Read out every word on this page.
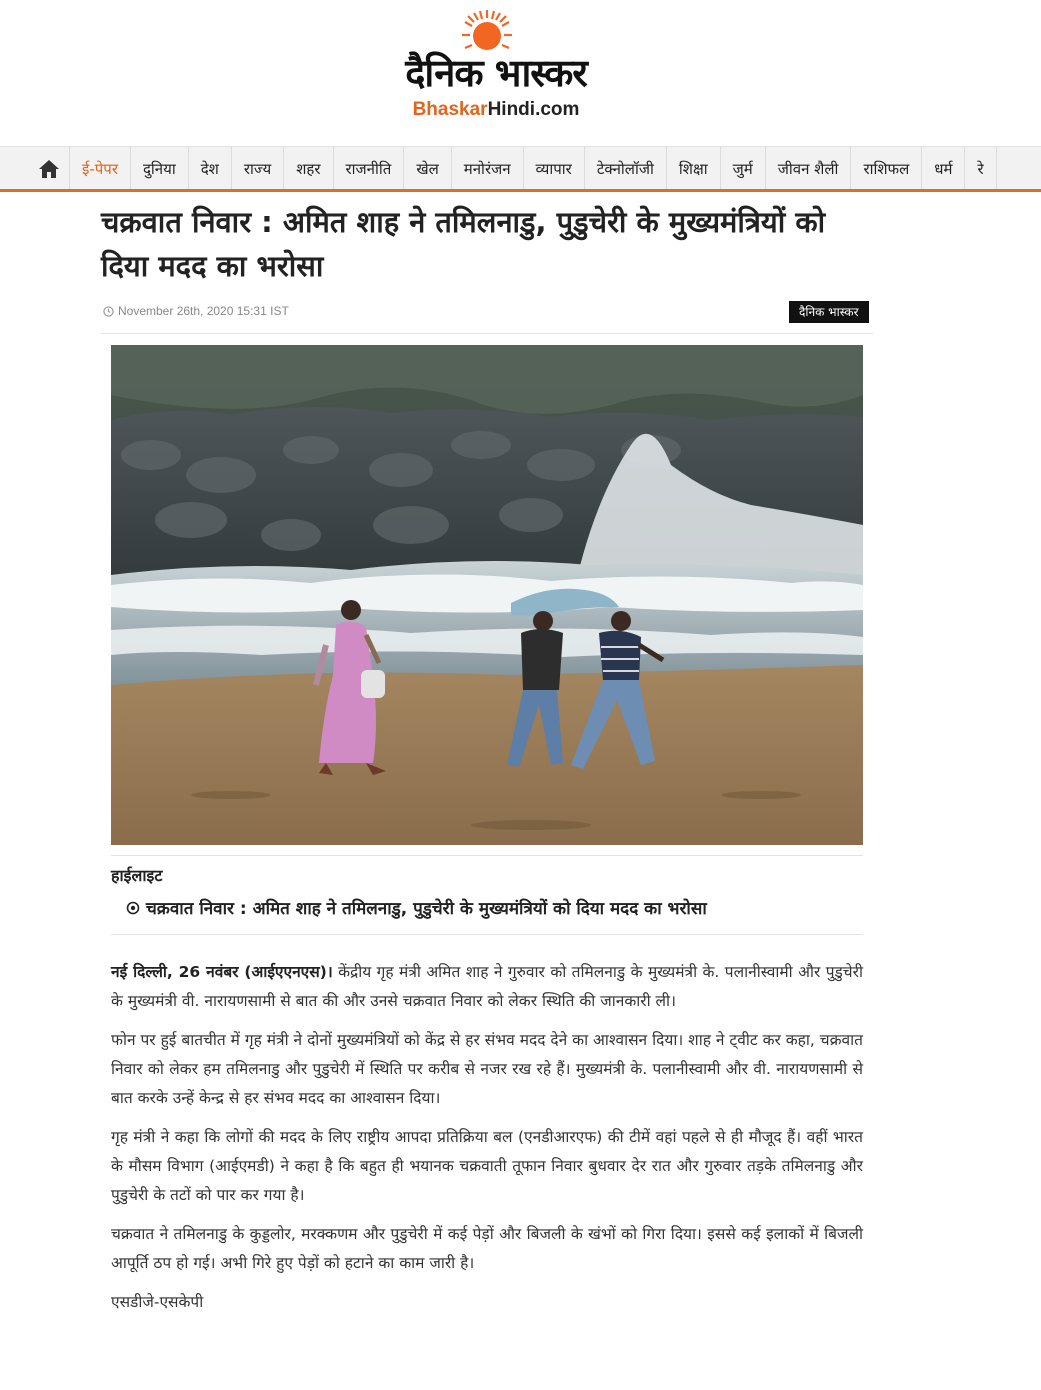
दैनिक भास्कर
BhaskarHindi.com
ई-पेपर	दुनिया	देश	राज्य	शहर	राजनीति	खेल	मनोरंजन	व्यापार	टेक्नोलॉजी	शिक्षा	जुर्म	जीवन शैली	राशिफल	धर्म	रे
चक्रवात निवार : अमित शाह ने तमिलनाडु, पुडुचेरी के मुख्यमंत्रियों को दिया मदद का भरोसा
November 26th, 2020 15:31 IST	दैनिक भास्कर
हाईलाइट
चक्रवात निवार : अमित शाह ने तमिलनाडु, पुडुचेरी के मुख्यमंत्रियों को दिया मदद का भरोसा

नई दिल्ली, 26 नवंबर (आईएएनएस)। केंद्रीय गृह मंत्री अमित शाह ने गुरुवार को तमिलनाडु के मुख्यमंत्री के. पलानीस्वामी और पुडुचेरी के मुख्यमंत्री वी. नारायणसामी से बात की और उनसे चक्रवात निवार को लेकर स्थिति की जानकारी ली।

फोन पर हुई बातचीत में गृह मंत्री ने दोनों मुख्यमंत्रियों को केंद्र से हर संभव मदद देने का आश्वासन दिया। शाह ने ट्वीट कर कहा, चक्रवात निवार को लेकर हम तमिलनाडु और पुडुचेरी में स्थिति पर करीब से नजर रख रहे हैं। मुख्यमंत्री के. पलानीस्वामी और वी. नारायणसामी से बात करके उन्हें केन्द्र से हर संभव मदद का आश्वासन दिया।

गृह मंत्री ने कहा कि लोगों की मदद के लिए राष्ट्रीय आपदा प्रतिक्रिया बल (एनडीआरएफ) की टीमें वहां पहले से ही मौजूद हैं। वहीं भारत के मौसम विभाग (आईएमडी) ने कहा है कि बहुत ही भयानक चक्रवाती तूफान निवार बुधवार देर रात और गुरुवार तड़के तमिलनाडु और पुडुचेरी के तटों को पार कर गया है।

चक्रवात ने तमिलनाडु के कुड्डलोर, मरक्कणम और पुडुचेरी में कई पेड़ों और बिजली के खंभों को गिरा दिया। इससे कई इलाकों में बिजली आपूर्ति ठप हो गई। अभी गिरे हुए पेड़ों को हटाने का काम जारी है।

एसडीजे-एसकेपी
